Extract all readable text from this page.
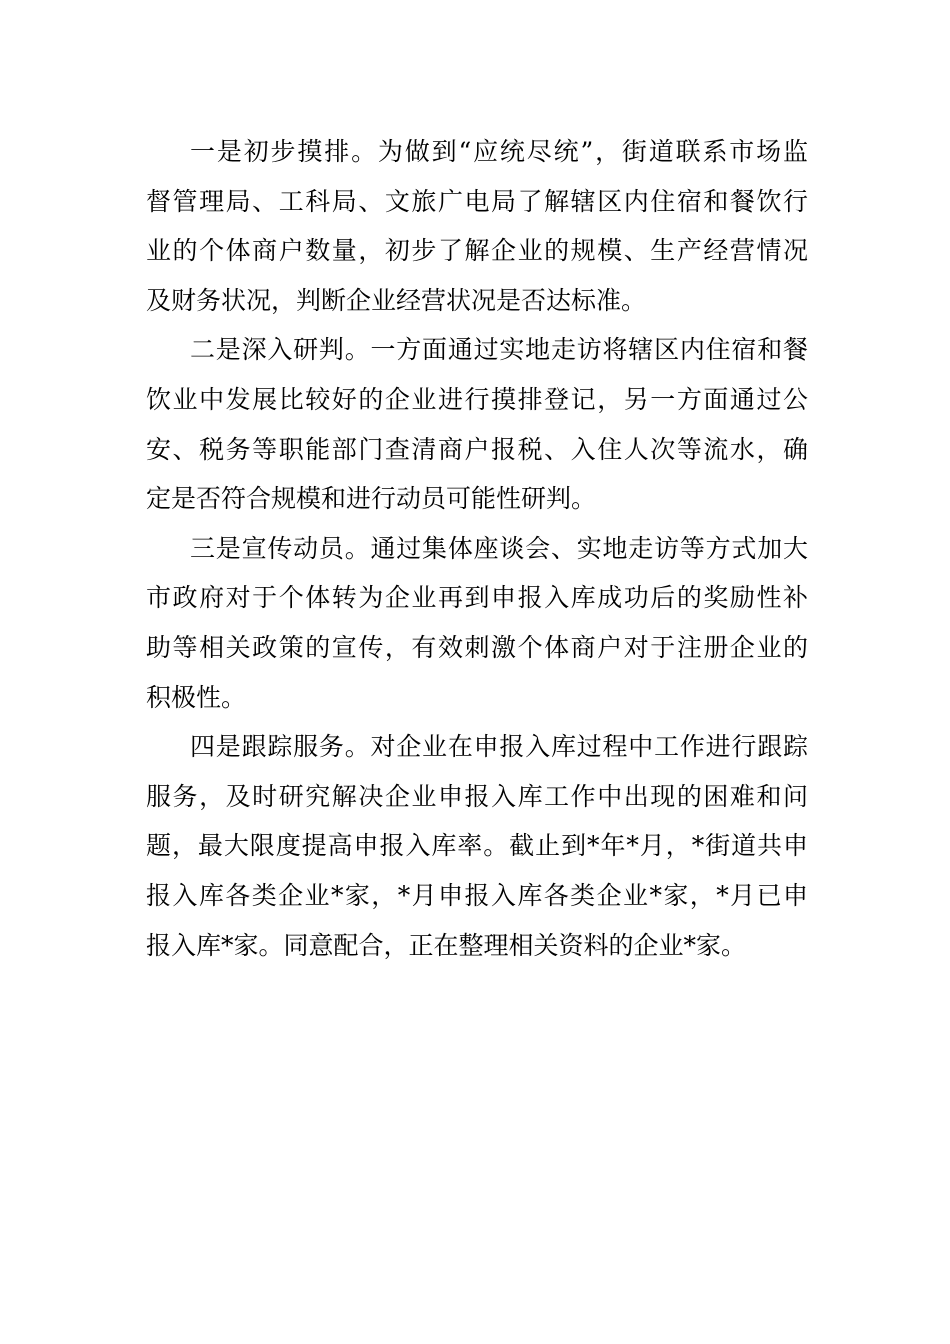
一是初步摸排。为做到“应统尽统”，街道联系市场监
督管理局、工科局、文旅广电局了解辖区内住宿和餐饮行
业的个体商户数量，初步了解企业的规模、生产经营情况
及财务状况，判断企业经营状况是否达标准。
二是深入研判。一方面通过实地走访将辖区内住宿和餐
饮业中发展比较好的企业进行摸排登记，另一方面通过公
安、税务等职能部门查清商户报税、入住人次等流水，确
定是否符合规模和进行动员可能性研判。
三是宣传动员。通过集体座谈会、实地走访等方式加大
市政府对于个体转为企业再到申报入库成功后的奖励性补
助等相关政策的宣传，有效刺激个体商户对于注册企业的
积极性。
四是跟踪服务。对企业在申报入库过程中工作进行跟踪
服务，及时研究解决企业申报入库工作中出现的困难和问
题，最大限度提高申报入库率。截止到*年*月，*街道共申
报入库各类企业*家，*月申报入库各类企业*家，*月已申
报入库*家。同意配合，正在整理相关资料的企业*家。
